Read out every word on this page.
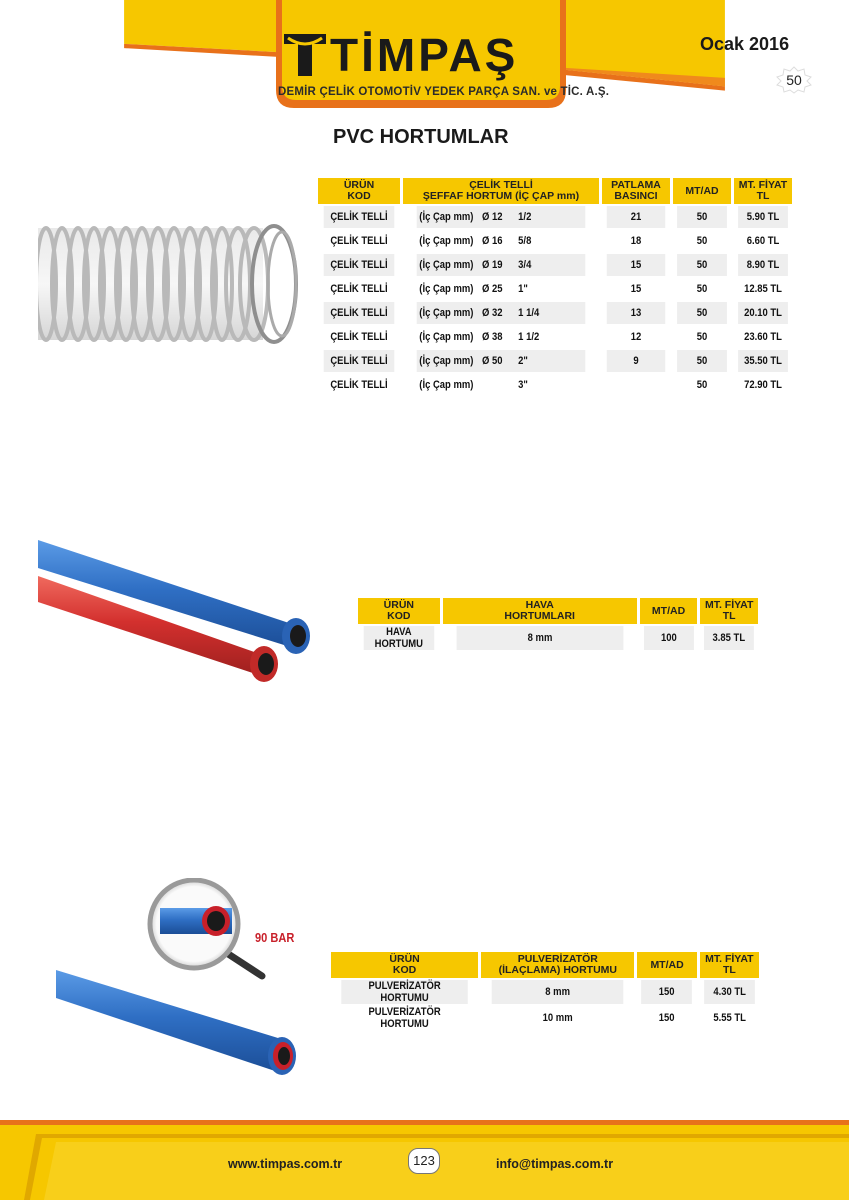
TİMPAŞ
DEMİR ÇELİK OTOMOTİV YEDEK PARÇA SAN. ve TİC. A.Ş.
Ocak 2016
50
PVC HORTUMLAR
ÜRÜN
KOD	ÇELİK TELLİ
ŞEFFAF HORTUM (İÇ ÇAP mm)	PATLAMA
BASINCI	MT/AD	MT. FİYAT
TL
ÇELİK TELLİ	(İç Çap mm) Ø 12 1/2	21	50	5.90 TL
ÇELİK TELLİ	(İç Çap mm) Ø 16 5/8	18	50	6.60 TL
ÇELİK TELLİ	(İç Çap mm) Ø 19 3/4	15	50	8.90 TL
ÇELİK TELLİ	(İç Çap mm) Ø 25 1"	15	50	12.85 TL
ÇELİK TELLİ	(İç Çap mm) Ø 32 1 1/4	13	50	20.10 TL
ÇELİK TELLİ	(İç Çap mm) Ø 38 1 1/2	12	50	23.60 TL
ÇELİK TELLİ	(İç Çap mm) Ø 50 2"	9	50	35.50 TL
ÇELİK TELLİ	(İç Çap mm) 3"		50	72.90 TL
ÜRÜN
KOD	HAVA
HORTUMLARI	MT/AD	MT. FİYAT
TL
HAVA HORTUMU	8 mm	100	3.85 TL
90 BAR
ÜRÜN
KOD	PULVERİZATÖR
(İLAÇLAMA) HORTUMU	MT/AD	MT. FİYAT
TL
PULVERİZATÖR HORTUMU	8 mm	150	4.30 TL
PULVERİZATÖR HORTUMU	10 mm	150	5.55 TL
www.timpas.com.tr	123	info@timpas.com.tr
